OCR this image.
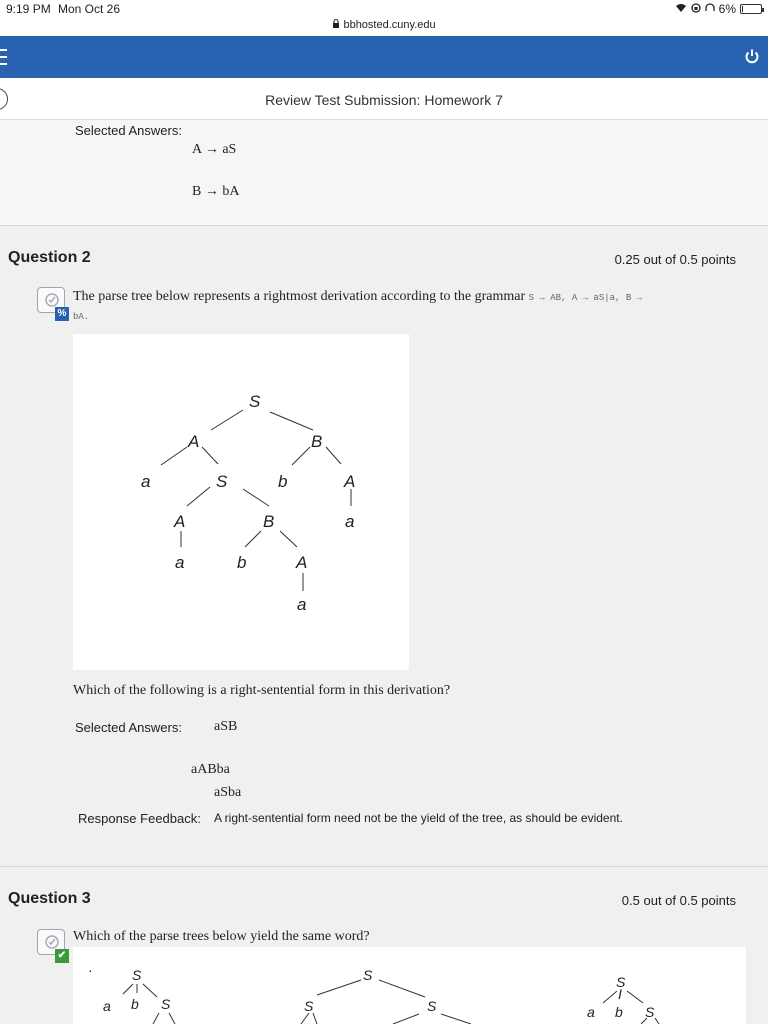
9:19 PM Mon Oct 26	6%
bbhosted.cuny.edu
Review Test Submission: Homework 7
Selected Answers:
A → aS
B → bA
Question 2	0.25 out of 0.5 points
%
The parse tree below represents a rightmost derivation according to the grammar S → AB, A → aS|a, B →
bA.
S
A	B
a	S	b	A
A	B	a
a	b	A
a
Which of the following is a right-sentential form in this derivation?
Selected Answers: aSB
aABba
aSba
Response Feedback: A right-sentential form need not be the yield of the tree, as should be evident.
Question 3	0.5 out of 0.5 points
✔
Which of the parse trees below yield the same word?
.	S
a b S
S
S	S
S
I
a b S
